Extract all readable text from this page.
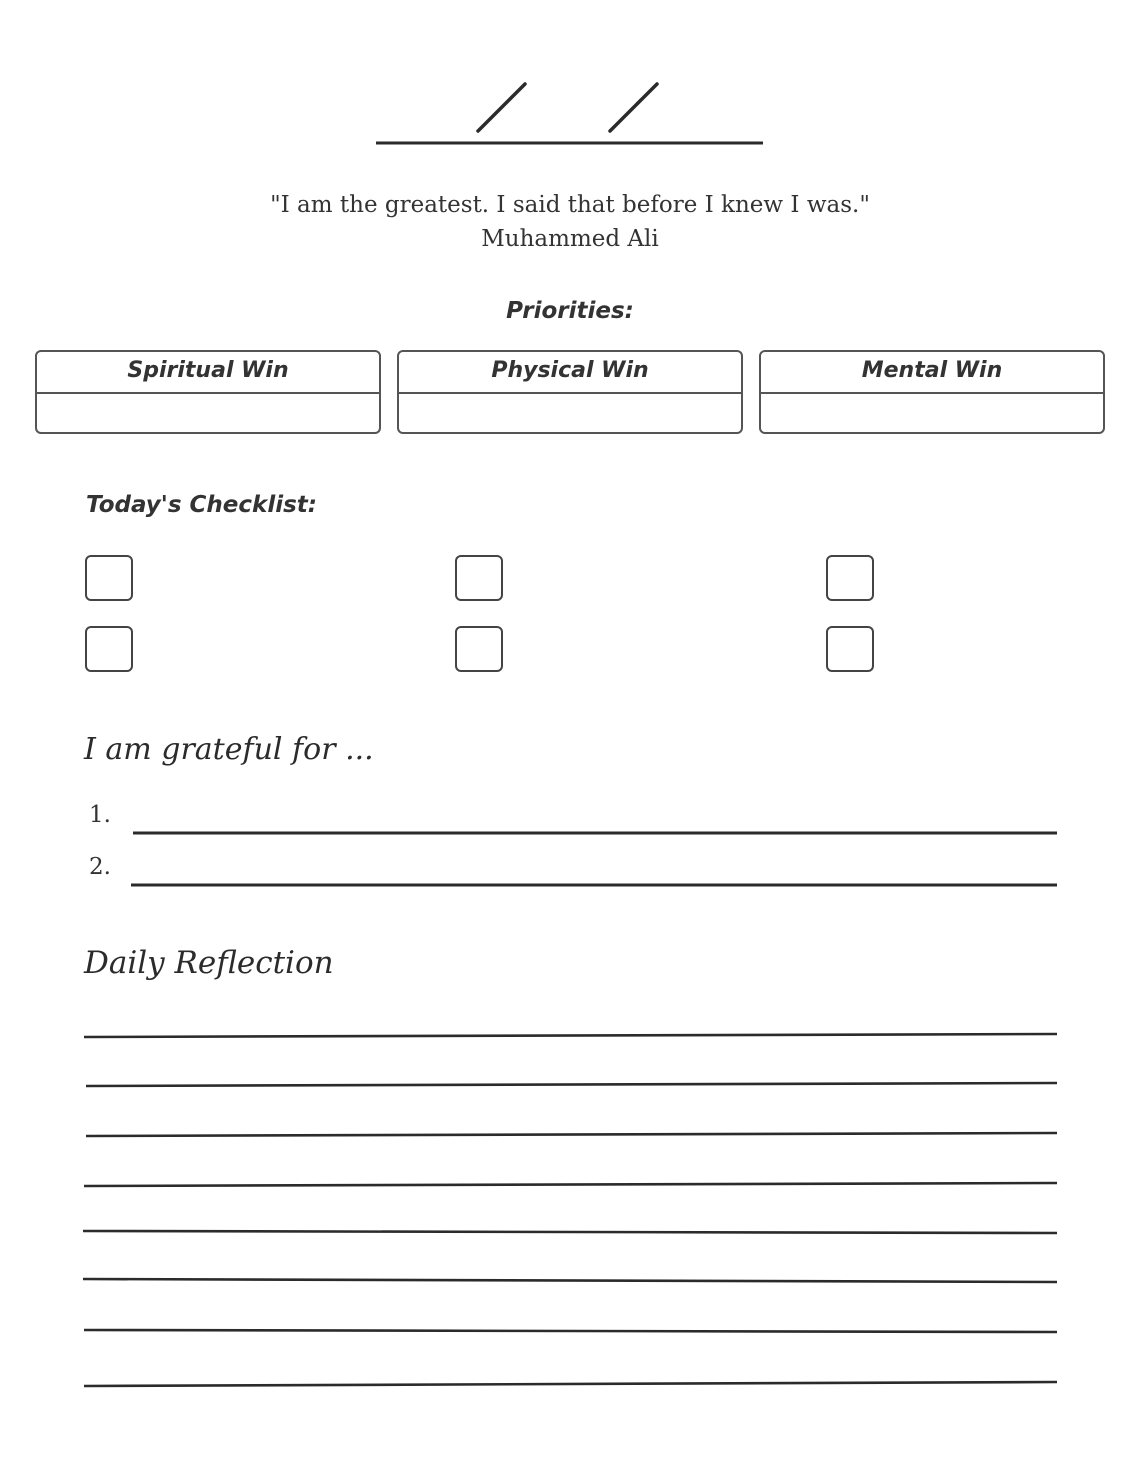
"I am the greatest. I said that before I knew I was."
Muhammed Ali
Priorities:
Spiritual Win	Physical Win	Mental Win
Today's Checklist:
I am grateful for ...
1.
2.
Daily Reflection
